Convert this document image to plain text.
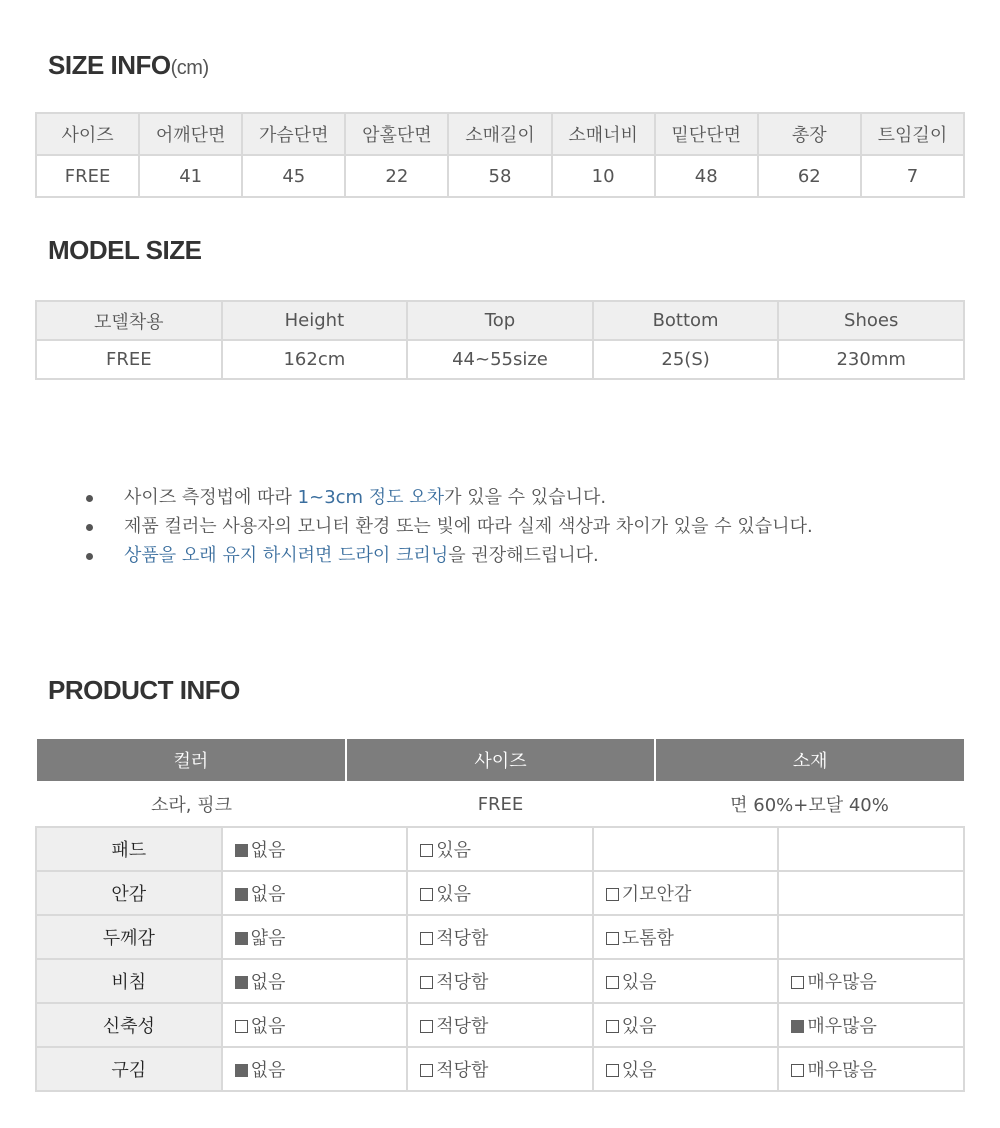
SIZE INFO(cm)
사이즈	어깨단면	가슴단면	암홀단면	소매길이	소매너비	밑단단면	총장	트임길이
FREE	41	45	22	58	10	48	62	7
MODEL SIZE
모델착용	Height	Top	Bottom	Shoes
FREE	162cm	44~55size	25(S)	230mm
사이즈 측정법에 따라 1~3cm 정도 오차가 있을 수 있습니다.
제품 컬러는 사용자의 모니터 환경 또는 빛에 따라 실제 색상과 차이가 있을 수 있습니다.
상품을 오래 유지 하시려면 드라이 크리닝을 권장해드립니다.
PRODUCT INFO
컬러	사이즈	소재
소라, 핑크	FREE	면 60%+모달 40%
패드	없음	있음		
안감	없음	있음	기모안감	
두께감	얇음	적당함	도톰함	
비침	없음	적당함	있음	매우많음
신축성	없음	적당함	있음	매우많음
구김	없음	적당함	있음	매우많음
